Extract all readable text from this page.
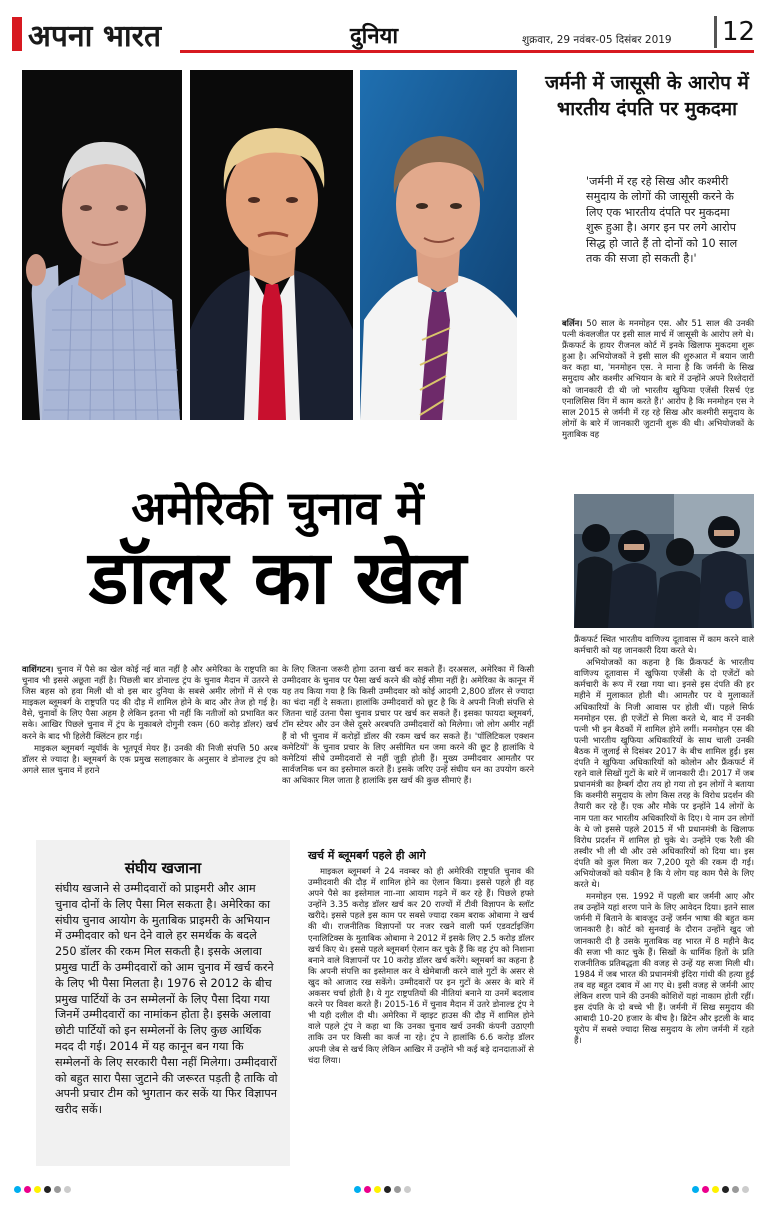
अपना भारत	दुनिया	शुक्रवार, 29 नवंबर-05 दिसंबर 2019 12
अमेरिकी चुनाव में
डॉलर का खेल

वाशिंगटन। चुनाव में पैसे का खेल कोई नई बात नहीं है और अमेरिका के राष्ट्रपति का चुनाव भी इससे अछूता नहीं है। पिछली बार डोनाल्ड ट्रंप के चुनाव मैदान में उतरने से जिस बहस को हवा मिली थी वो इस बार दुनिया के सबसे अमीर लोगों में से एक माइकल ब्लूमबर्ग के राष्ट्रपति पद की दौड़ में शामिल होने के बाद और तेज हो गई है। वैसे, चुनावों के लिए पैसा अहम है लेकिन इतना भी नहीं कि नतीजों को प्रभावित कर सके। आखिर पिछले चुनाव में ट्रंप के मुकाबले दोगुनी रकम (60 करोड़ डॉलर) खर्च करने के बाद भी हिलेरी क्लिंटन हार गई।

माइकल ब्लूमबर्ग न्यूयॉर्क के भूतपूर्व मेयर हैं। उनकी की निजी संपत्ति 50 अरब डॉलर से ज्यादा है। ब्लूमबर्ग के एक प्रमुख सलाहकार के अनुसार वे डोनाल्ड ट्रंप को अगले साल चुनाव में हराने

के लिए जितना जरूरी होगा उतना खर्च कर सकते हैं। दरअसल, अमेरिका में किसी उम्मीदवार के चुनाव पर पैसा खर्च करने की कोई सीमा नहीं है। अमेरिका के कानून में यह तय किया गया है कि किसी उम्मीदवार को कोई आदमी 2,800 डॉलर से ज्यादा का चंदा नहीं दे सकता। हालांकि उम्मीदवारों को छूट है कि वे अपनी निजी संपत्ति से जितना चाहें उतना पैसा चुनाव प्रचार पर खर्च कर सकते हैं। इसका फायदा ब्लूमबर्ग, टॉम स्टेयर और उन जैसे दूसरे अरबपति उम्मीदवारों को मिलेगा। जो लोग अमीर नहीं हैं वो भी चुनाव में करोड़ों डॉलर की रकम खर्च कर सकते हैं। 'पॉलिटिकल एक्शन कमेटियों' के चुनाव प्रचार के लिए असीमित धन जमा करने की छूट है हालांकि ये कमेटियां सीधे उम्मीदवारों से नहीं जुड़ी होती हैं। मुख्य उम्मीदवार आमतौर पर सार्वजनिक धन का इस्तेमाल करते हैं। इसके जरिए उन्हें संघीय धन का उपयोग करने का अधिकार मिल जाता है हालांकि इस खर्च की कुछ सीमाएं हैं।

खर्च में ब्लूमबर्ग पहले ही आगे

माइकल ब्लूमबर्ग ने 24 नवम्बर को ही अमेरिकी राष्ट्रपति चुनाव की उम्मीदवारी की दौड़ में शामिल होने का ऐलान किया। इससे पहले ही वह अपने पैसे का इस्तेमाल नाा-नाा आयाम गढ़ने में कर रहे हैं। पिछले हफ्ते उन्होंने 3.35 करोड़ डॉलर खर्च कर 20 राज्यों में टीवी विज्ञापन के स्लॉट खरीदे। इससे पहले इस काम पर सबसे ज्यादा रकम बराक ओबामा ने खर्च की थी। राजनीतिक विज्ञापनों पर नजर रखने वाली फर्म एडवर्टाइजिंग एनालिटिक्स के मुताबिक ओबामा ने 2012 में इसके लिए 2.5 करोड़ डॉलर खर्च किए थे। इससे पहले ब्लूमबर्ग ऐलान कर चुके हैं कि वह ट्रंप को निशाना बनाने वाले विज्ञापनों पर 10 करोड़ डॉलर खर्च करेंगे। ब्लूमबर्ग का कहना है कि अपनी संपत्ति का इस्तेमाल कर वे खेमेबाजी करने वाले गुटों के असर से खुद को आजाद रख सकेंगे। उम्मीदवारों पर इन गुटों के असर के बारे में अकसर चर्चा होती है। ये गुट राष्ट्रपतियों की नीतियां बनाने या उनमें बदलाव करने पर विवश करते हैं। 2015-16 में चुनाव मैदान में उतरे डोनाल्ड ट्रंप ने भी यही दलील दी थी। अमेरिका में व्हाइट हाउस की दौड़ में शामिल होने वाले पहले ट्रंप ने कहा था कि उनका चुनाव खर्च उनकी कंपनी उठाएगी ताकि उन पर किसी का कर्ज ना रहे। ट्रंप ने हालांकि 6.6 करोड़ डॉलर अपनी जेब से खर्च किए लेकिन आखिर में उन्होंने भी कई बड़े दानदाताओं से चंदा लिया।

संघीय खजाना
संघीय खजाने से उम्मीदवारों को प्राइमरी और आम चुनाव दोनों के लिए पैसा मिल सकता है। अमेरिका का संघीय चुनाव आयोग के मुताबिक प्राइमरी के अभियान में उम्मीदवार को धन देने वाले हर समर्थक के बदले 250 डॉलर की रकम मिल सकती है। इसके अलावा प्रमुख पार्टी के उम्मीदवारों को आम चुनाव में खर्च करने के लिए भी पैसा मिलता है। 1976 से 2012 के बीच प्रमुख पार्टियों के उन सम्मेलनों के लिए पैसा दिया गया जिनमें उम्मीदवारों का नामांकन होता है। इसके अलावा छोटी पार्टियों को इन सम्मेलनों के लिए कुछ आर्थिक मदद दी गई। 2014 में यह कानून बन गया कि सम्मेलनों के लिए सरकारी पैसा नहीं मिलेगा। उम्मीदवारों को बहुत सारा पैसा जुटाने की जरूरत पड़ती है ताकि वो अपनी प्रचार टीम को भुगतान कर सकें या फिर विज्ञापन खरीद सकें।
जर्मनी में जासूसी के आरोप में भारतीय दंपति पर मुकदमा
'जर्मनी में रह रहे सिख और कश्मीरी समुदाय के लोगों की जासूसी करने के लिए एक भारतीय दंपति पर मुकदमा शुरू हुआ है। अगर इन पर लगे आरोप सिद्ध हो जाते हैं तो दोनों को 10 साल तक की सजा हो सकती है।'

बर्लिन। 50 साल के मनमोहन एस. और 51 साल की उनकी पत्नी कंवलजीत पर इसी साल मार्च में जासूसी के आरोप लगे थे। फ्रैंकफर्ट के हायर रीजनल कोर्ट में इनके खिलाफ मुकदमा शुरू हुआ है। अभियोजकों ने इसी साल की शुरुआत में बयान जारी कर कहा था, 'मनमोहन एस. ने माना है कि जर्मनी के सिख समुदाय और कश्मीर अभियान के बारे में उन्होंने अपने रिश्तेदारों को जानकारी दी थी जो भारतीय खुफिया एजेंसी रिसर्च एंड एनालिसिस विंग में काम करते हैं।' आरोप है कि मनमोहन एस ने साल 2015 से जर्मनी में रह रहे सिख और कश्मीरी समुदाय के लोगों के बारे में जानकारी जुटानी शुरू की थी। अभियोजकों के मुताबिक वह

फ्रैंकफर्ट स्थित भारतीय वाणिज्य दूतावास में काम करने वाले कर्मचारी को यह जानकारी दिया करते थे।

अभियोजकों का कहना है कि फ्रैंकफर्ट के भारतीय वाणिज्य दूतावास में खुफिया एजेंसी के दो एजेंटों को कर्मचारी के रूप में रखा गया था। इनसे इस दंपति की हर महीने में मुलाकात होती थी। आमतौर पर ये मुलाकातें अधिकारियों के निजी आवास पर होती थीं। पहले सिर्फ मनमोहन एस. ही एजेंटों से मिला करते थे, बाद में उनकी पत्नी भी इन बैठकों में शामिल होने लगीं। मनमोहन एस की पत्नी भारतीय खुफिया अधिकारियों के साथ चाली उनकी बैठक में जुलाई से दिसंबर 2017 के बीच शामिल हुईं। इस दंपति ने खुफिया अधिकारियों को कोलोन और फ्रैंकफर्ट में रहने वाले सिखों गुटों के बारे में जानकारी दी। 2017 में जब प्रधानमंत्री का हैम्बर्ग दौरा तय हो गया तो इन लोगों ने बताया कि कश्मीरी समुदाय के लोग किस तरह के विरोध प्रदर्शन की तैयारी कर रहे हैं। एक और मौके पर इन्होंने 14 लोगों के नाम पता कर भारतीय अधिकारियों के दिए। ये नाम उन लोगों के थे जो इससे पहले 2015 में भी प्रधानमंत्री के खिलाफ विरोध प्रदर्शन में शामिल हो चुके थे। उन्होंने एक रैली की तस्वीर भी ली थी और उसे अधिकारियों को दिया था। इस दंपति को कुल मिला कर 7,200 यूरो की रकम दी गई। अभियोजकों को यकीन है कि ये लोग यह काम पैसे के लिए करते थे।

मनमोहन एस. 1992 में पहली बार जर्मनी आए और तब उन्होंने यहां शरण पाने के लिए आवेदन दिया। इतने साल जर्मनी में बिताने के बावजूद उन्हें जर्मन भाषा की बहुत कम जानकारी है। कोर्ट को सुनवाई के दौरान उन्होंने खुद जो जानकारी दी है उसके मुताबिक वह भारत में 8 महीने कैद की सजा भी काट चुके हैं। सिखों के धार्मिक हितों के प्रति राजनीतिक प्रतिबद्धता की वजह से उन्हें यह सजा मिली थी। 1984 में जब भारत की प्रधानमंत्री इंदिरा गांधी की हत्या हुई तब वह बहुत दबाव में आ गए थे। इसी वजह से जर्मनी आए लेकिन शरण पाने की उनकी कोशिशें यहां नाकाम होती रहीं। इस दंपति के दो बच्चे भी हैं। जर्मनी में सिख समुदाय की आबादी 10-20 हजार के बीच है। ब्रिटेन और इटली के बाद यूरोप में सबसे ज्यादा सिख समुदाय के लोग जर्मनी में रहते हैं।
